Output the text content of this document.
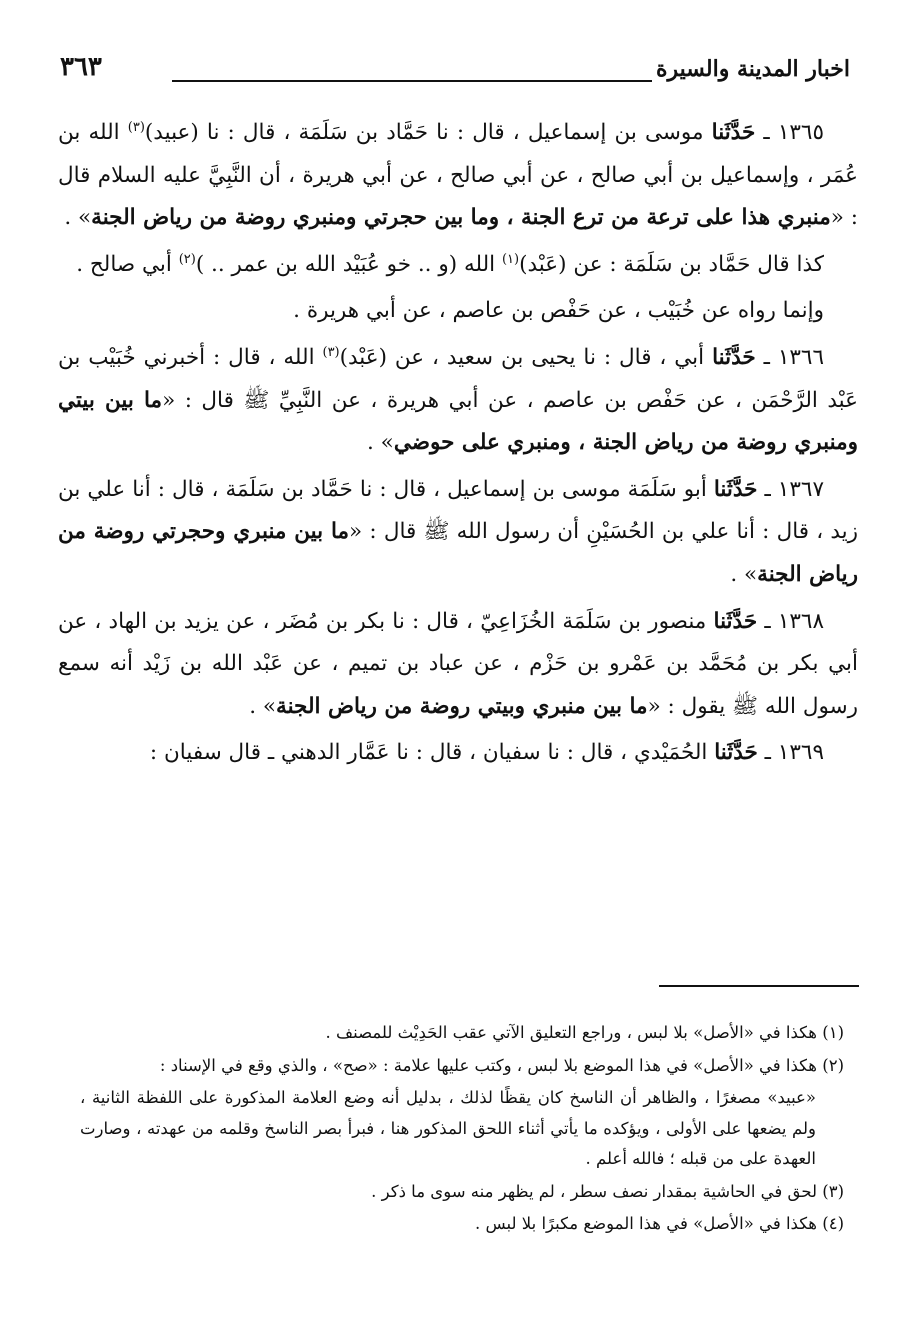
اخبار المدينة والسيرة
٣٦٣

١٣٦٥ ـ حَدَّثَنا موسى بن إسماعيل ، قال : نا حَمَّاد بن سَلَمَة ، قال : نا (عبيد)$^{(٣)}$ الله بن عُمَر ، وإسماعيل بن أبي صالح ، عن أبي صالح ، عن أبي هريرة ، أن النَّبِيَّ عليه السلام قال : «منبري هذا على ترعة من ترع الجنة ، وما بين حجرتي ومنبري روضة من رياض الجنة» .

كذا قال حَمَّاد بن سَلَمَة : عن (عَبْد)$^{(١)}$ الله (و .. خو عُبَيْد الله بن عمر .. )$^{(٢)}$ أبي صالح .

وإنما رواه عن خُبَيْب ، عن حَفْص بن عاصم ، عن أبي هريرة .

١٣٦٦ ـ حَدَّثَنا أبي ، قال : نا يحيى بن سعيد ، عن (عَبْد)$^{(٣)}$ الله ، قال : أخبرني خُبَيْب بن عَبْد الرَّحْمَن ، عن حَفْص بن عاصم ، عن أبي هريرة ، عن النَّبِيِّ ﷺ قال : «ما بين بيتي ومنبري روضة من رياض الجنة ، ومنبري على حوضي» .

١٣٦٧ ـ حَدَّثَنا أبو سَلَمَة موسى بن إسماعيل ، قال : نا حَمَّاد بن سَلَمَة ، قال : أنا علي بن زيد ، قال : أنا علي بن الحُسَيْنِ أن رسول الله ﷺ قال : «ما بين منبري وحجرتي روضة من رياض الجنة» .

١٣٦٨ ـ حَدَّثَنا منصور بن سَلَمَة الخُزَاعِيّ ، قال : نا بكر بن مُضَر ، عن يزيد بن الهاد ، عن أبي بكر بن مُحَمَّد بن عَمْرو بن حَزْم ، عن عباد بن تميم ، عن عَبْد الله بن زَيْد أنه سمع رسول الله ﷺ يقول : «ما بين منبري وبيتي روضة من رياض الجنة» .

١٣٦٩ ـ حَدَّثَنا الحُمَيْدي ، قال : نا سفيان ، قال : نا عَمَّار الدهني ـ قال سفيان :

(١) هكذا في «الأصل» بلا لبس ، وراجع التعليق الآتي عقب الحَدِيْث للمصنف .

(٢) هكذا في «الأصل» في هذا الموضع بلا لبس ، وكتب عليها علامة : «صح» ، والذي وقع في الإسناد :

«عبيد» مصغرًا ، والظاهر أن الناسخ كان يقظًا لذلك ، بدليل أنه وضع العلامة المذكورة على اللفظة الثانية ، ولم يضعها على الأولى ، ويؤكده ما يأتي أثناء اللحق المذكور هنا ، فبرأ بصر الناسخ وقلمه من عهدته ، وصارت العهدة على من قبله ؛ فالله أعلم .

(٣) لحق في الحاشية بمقدار نصف سطر ، لم يظهر منه سوى ما ذكر .

(٤) هكذا في «الأصل» في هذا الموضع مكبرًا بلا لبس .
